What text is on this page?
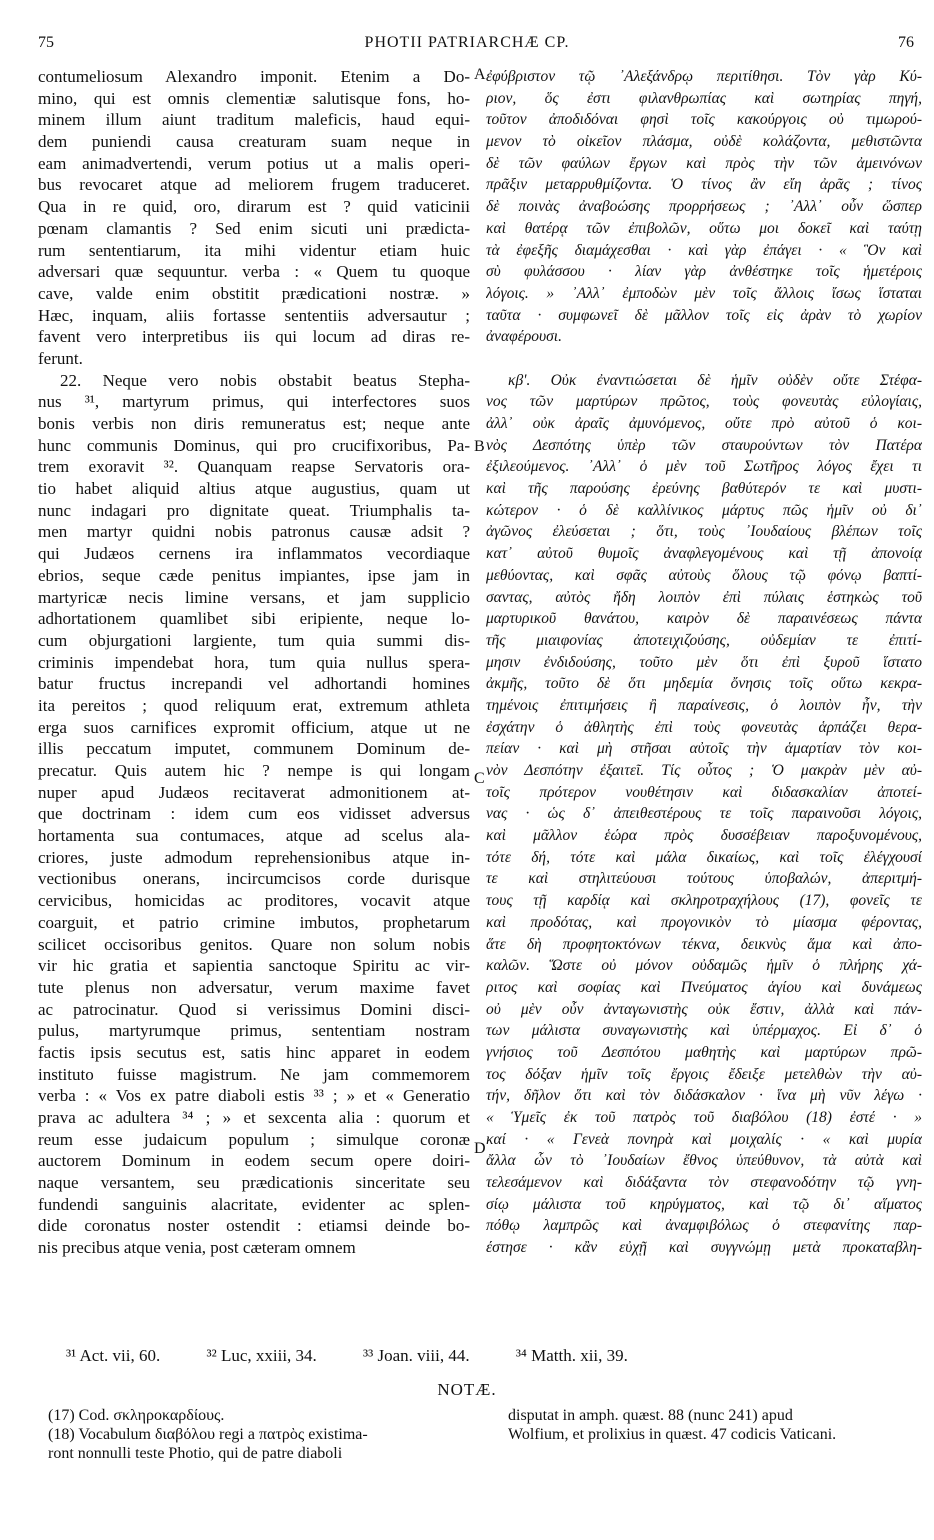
75	PHOTII PATRIARCHÆ CP.	76
contumeliosum Alexandro imponit. Etenim a Do-
mino, qui est omnis clementiæ salutisque fons, ho-
minem illum aiunt traditum maleficis, haud equi-
dem puniendi causa creaturam suam neque in
eam animadvertendi, verum potius ut a malis operi-
bus revocaret atque ad meliorem frugem traduceret.
Qua in re quid, oro, dirarum est ? quid vaticinii
pœnam clamantis ? Sed enim sicuti uni prædicta-
rum sententiarum, ita mihi videntur etiam huic
adversari quæ sequuntur. verba : « Quem tu quoque
cave, valde enim obstitit prædicationi nostræ. »
Hæc, inquam, aliis fortasse sententiis adversautur ;
favent vero interpretibus iis qui locum ad diras re-
ferunt.
22. Neque vero nobis obstabit beatus Stepha-
nus ³¹, martyrum primus, qui interfectores suos
bonis verbis non diris remuneratus est; neque ante
hunc communis Dominus, qui pro crucifixoribus, Pa-
trem exoravit ³². Quanquam reapse Servatoris ora-
tio habet aliquid altius atque augustius, quam ut
nunc indagari pro dignitate queat. Triumphalis ta-
men martyr quidni nobis patronus causæ adsit ?
qui Judæos cernens ira inflammatos vecordiaque
ebrios, seque cæde penitus impiantes, ipse jam in
martyricæ necis limine versans, et jam supplicio
adhortationem quamlibet sibi eripiente, neque lo-
cum objurgationi largiente, tum quia summi dis-
criminis impendebat hora, tum quia nullus spera-
batur fructus increpandi vel adhortandi homines
ita pereitos ; quod reliquum erat, extremum athleta
erga suos carnifices expromit officium, atque ut ne
illis peccatum imputet, communem Dominum de-
precatur. Quis autem hic ? nempe is qui longam
nuper apud Judæos recitaverat admonitionem at-
que doctrinam : idem cum eos vidisset adversus
hortamenta sua contumaces, atque ad scelus ala-
criores, juste admodum reprehensionibus atque in-
vectionibus onerans, incircumcisos corde durisque
cervicibus, homicidas ac proditores, vocavit atque
coarguit, et patrio crimine imbutos, prophetarum
scilicet occisoribus genitos. Quare non solum nobis
vir hic gratia et sapientia sanctoque Spiritu ac vir-
tute plenus non adversatur, verum maxime favet
ac patrocinatur. Quod si verissimus Domini disci-
pulus, martyrumque primus, sententiam nostram
factis ipsis secutus est, satis hinc apparet in eodem
instituto fuisse magistrum. Ne jam commemorem
verba : « Vos ex patre diaboli estis ³³ ; » et « Generatio
prava ac adultera ³⁴ ; » et sexcenta alia : quorum et
reum esse judaicum populum ; simulque coronæ
auctorem Dominum in eodem secum opere doiri-
naque versantem, seu prædicationis sinceritate seu
fundendi sanguinis alacritate, evidenter ac splen-
dide coronatus noster ostendit : etiamsi deinde bo-
nis precibus atque venia, post cæteram omnem
ἐφύβριστον τῷ ᾿Αλεξάνδρῳ περιτίθησι. Τὸν γὰρ Κύ-
ριον, ὅς ἐστι φιλανθρωπίας καὶ σωτηρίας πηγή,
τοῦτον ἀποδιδόναι φησὶ τοῖς κακούργοις οὐ τιμωρού-
μενον τὸ οἰκεῖον πλάσμα, οὐδὲ κολάζοντα, μεθιστῶντα
δὲ τῶν φαύλων ἔργων καὶ πρὸς τὴν τῶν ἀμεινόνων
πρᾶξιν μεταρρυθμίζοντα. Ὁ τίνος ἂν εἴη ἀρᾶς ; τίνος
δὲ ποινὰς ἀναβοώσης προρρήσεως ; ᾿Αλλ᾿ οὖν ὥσπερ
καὶ θατέρᾳ τῶν ἐπιβολῶν, οὕτω μοι δοκεῖ καὶ ταύτῃ
τὰ ἐφεξῆς διαμάχεσθαι · καὶ γὰρ ἐπάγει · « Ὃν καὶ
σὺ φυλάσσου · λίαν γὰρ ἀνθέστηκε τοῖς ἡμετέροις
λόγοις. » ᾿Αλλ᾿ ἐμποδὼν μὲν τοῖς ἄλλοις ἴσως ἵσταται
ταῦτα · συμφωνεῖ δὲ μᾶλλον τοῖς εἰς ἀρὰν τὸ χωρίον
ἀναφέρουσι.
κβ'. Οὐκ ἐναντιώσεται δὲ ἡμῖν οὐδὲν οὔτε Στέφα-
νος τῶν μαρτύρων πρῶτος, τοὺς φονευτὰς εὐλογίαις,
ἀλλ᾿ οὐκ ἀραῖς ἀμυνόμενος, οὔτε πρὸ αὐτοῦ ὁ κοι-
νὸς Δεσπότης ὑπὲρ τῶν σταυρούντων τὸν Πατέρα
ἐξιλεούμενος. ᾿Αλλ᾿ ὁ μὲν τοῦ Σωτῆρος λόγος ἔχει τι
καὶ τῆς παρούσης ἐρεύνης βαθύτερόν τε καὶ μυστι-
κώτερον · ὁ δὲ καλλίνικος μάρτυς πῶς ἡμῖν οὐ δι᾿
ἀγῶνος ἐλεύσεται ; ὅτι, τοὺς ᾿Ιουδαίους βλέπων τοῖς
κατ᾿ αὐτοῦ θυμοῖς ἀναφλεγομένους καὶ τῇ ἀπονοίᾳ
μεθύοντας, καὶ σφᾶς αὐτοὺς ὅλους τῷ φόνῳ βαπτί-
σαντας, αὐτὸς ἤδη λοιπὸν ἐπὶ πύλαις ἑστηκὼς τοῦ
μαρτυρικοῦ θανάτου, καιρὸν δὲ παραινέσεως πάντα
τῆς μιαιφονίας ἀποτειχιζούσης, οὐδεμίαν τε ἐπιτί-
μησιν ἐνδιδούσης, τοῦτο μὲν ὅτι ἐπὶ ξυροῦ ἵστατο
ἀκμῆς, τοῦτο δὲ ὅτι μηδεμία ὄνησις τοῖς οὕτω κεκρα-
τημένοις ἐπιτιμήσεις ἢ παραίνεσις, ὁ λοιπὸν ἦν, τὴν
ἐσχάτην ὁ ἀθλητὴς ἐπὶ τοὺς φονευτὰς ἁρπάζει θερα-
πείαν · καὶ μὴ στῆσαι αὐτοῖς τὴν ἁμαρτίαν τὸν κοι-
νὸν Δεσπότην ἐξαιτεῖ. Τίς οὗτος ; Ὁ μακρὰν μὲν αὐ-
τοῖς πρότερον νουθέτησιν καὶ διδασκαλίαν ἀποτεί-
νας · ὡς δ᾿ ἀπειθεστέρους τε τοῖς παραινοῦσι λόγοις,
καὶ μᾶλλον ἑώρα πρὸς δυσσέβειαν παροξυνομένους,
τότε δή, τότε καὶ μάλα δικαίως, καὶ τοῖς ἐλέγχουσί
τε καὶ στηλιτεύουσι τούτους ὑποβαλών, ἀπεριτμή-
τους τῇ καρδίᾳ καὶ σκληροτραχήλους (17), φονεῖς τε
καὶ προδότας, καὶ προγονικὸν τὸ μίασμα φέροντας,
ἅτε δὴ προφητοκτόνων τέκνα, δεικνὺς ἅμα καὶ ἀπο-
καλῶν. Ὥστε οὐ μόνον οὐδαμῶς ἡμῖν ὁ πλήρης χά-
ριτος καὶ σοφίας καὶ Πνεύματος ἁγίου καὶ δυνάμεως
οὐ μὲν οὖν ἀνταγωνιστὴς οὐκ ἔστιν, ἀλλὰ καὶ πάν-
των μάλιστα συναγωνιστὴς καὶ ὑπέρμαχος. Εἰ δ᾿ ὁ
γνήσιος τοῦ Δεσπότου μαθητὴς καὶ μαρτύρων πρῶ-
τος δόξαν ἡμῖν τοῖς ἔργοις ἔδειξε μετελθὼν τὴν αὐ-
τήν, δῆλον ὅτι καὶ τὸν διδάσκαλον · ἵνα μὴ νῦν λέγω ·
« Ὑμεῖς ἐκ τοῦ πατρὸς τοῦ διαβόλου (18) ἐστέ · »
καί · « Γενεὰ πονηρὰ καὶ μοιχαλίς · « καὶ μυρία
ἄλλα ὧν τὸ ᾿Ιουδαίων ἔθνος ὑπεύθυνον, τὰ αὐτὰ καὶ
τελεσάμενον καὶ διδάξαντα τὸν στεφανοδότην τῷ γνη-
σίῳ μάλιστα τοῦ κηρύγματος, καὶ τῷ δι᾿ αἵματος
πόθῳ λαμπρῶς καὶ ἀναμφιβόλως ὁ στεφανίτης παρ-
έστησε · κἂν εὐχῇ καὶ συγγνώμῃ μετὰ προκαταβλη-
A
B
C
D
³¹ Act. vii, 60.	³² Luc, xxiii, 34.	³³ Joan. viii, 44.	³⁴ Matth. xii, 39.
NOTÆ.
(17) Cod. σκληροκαρδίους.
(18) Vocabulum διαβόλου regi a πατρὸς existima-
ront nonnulli teste Photio, qui de patre diaboli
disputat in amph. quæst. 88 (nunc 241) apud
Wolfium, et prolixius in quæst. 47 codicis Vaticani.
